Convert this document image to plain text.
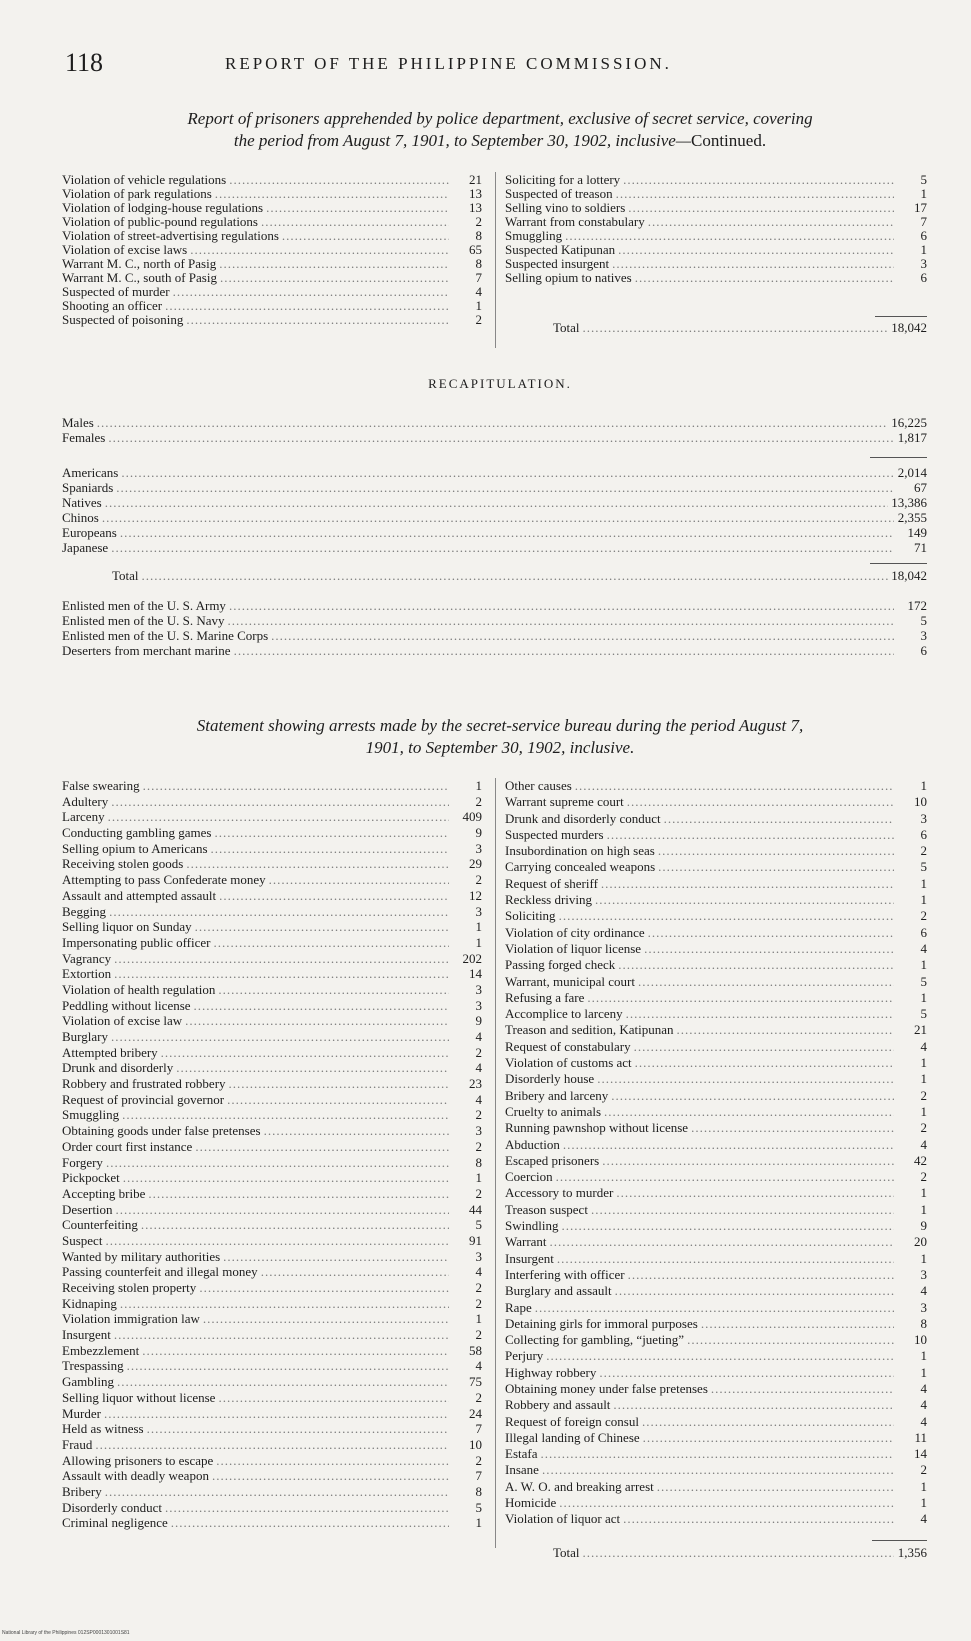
118	REPORT OF THE PHILIPPINE COMMISSION.
Report of prisoners apprehended by police department, exclusive of secret service, covering
the period from August 7, 1901, to September 30, 1902, inclusive—Continued.
Violation of vehicle regulations .....	21
Violation of park regulations .....	13
Violation of lodging-house regulations .....	13
Violation of public-pound regulations .....	2
Violation of street-advertising regulations .....	8
Violation of excise laws .....	65
Warrant M. C., north of Pasig .....	8
Warrant M. C., south of Pasig .....	7
Suspected of murder .....	4
Shooting an officer .....	1
Suspected of poisoning .....	2
Soliciting for a lottery .....	5
Suspected of treason .....	1
Selling vino to soldiers .....	17
Warrant from constabulary .....	7
Smuggling .....	6
Suspected Katipunan .....	1
Suspected insurgent .....	3
Selling opium to natives .....	6
Total .....	18,042
RECAPITULATION.
Males .....	16,225
Females .....	1,817
Americans .....	2,014
Spaniards .....	67
Natives .....	13,386
Chinos .....	2,355
Europeans .....	149
Japanese .....	71
Total .....	18,042
Enlisted men of the U. S. Army .....	172
Enlisted men of the U. S. Navy .....	5
Enlisted men of the U. S. Marine Corps .....	3
Deserters from merchant marine .....	6
Statement showing arrests made by the secret-service bureau during the period August 7,
1901, to September 30, 1902, inclusive.
False swearing .....	1
Adultery .....	2
Larceny .....	409
Conducting gambling games .....	9
Selling opium to Americans .....	3
Receiving stolen goods .....	29
Attempting to pass Confederate money .....	2
Assault and attempted assault .....	12
Begging .....	3
Selling liquor on Sunday .....	1
Impersonating public officer .....	1
Vagrancy .....	202
Extortion .....	14
Violation of health regulation .....	3
Peddling without license .....	3
Violation of excise law .....	9
Burglary .....	4
Attempted bribery .....	2
Drunk and disorderly .....	4
Robbery and frustrated robbery .....	23
Request of provincial governor .....	4
Smuggling .....	2
Obtaining goods under false pretenses .....	3
Order court first instance .....	2
Forgery .....	8
Pickpocket .....	1
Accepting bribe .....	2
Desertion .....	44
Counterfeiting .....	5
Suspect .....	91
Wanted by military authorities .....	3
Passing counterfeit and illegal money .....	4
Receiving stolen property .....	2
Kidnaping .....	2
Violation immigration law .....	1
Insurgent .....	2
Embezzlement .....	58
Trespassing .....	4
Gambling .....	75
Selling liquor without license .....	2
Murder .....	24
Held as witness .....	7
Fraud .....	10
Allowing prisoners to escape .....	2
Assault with deadly weapon .....	7
Bribery .....	8
Disorderly conduct .....	5
Criminal negligence .....	1
Other causes .....	1
Warrant supreme court .....	10
Drunk and disorderly conduct .....	3
Suspected murders .....	6
Insubordination on high seas .....	2
Carrying concealed weapons .....	5
Request of sheriff .....	1
Reckless driving .....	1
Soliciting .....	2
Violation of city ordinance .....	6
Violation of liquor license .....	4
Passing forged check .....	1
Warrant, municipal court .....	5
Refusing a fare .....	1
Accomplice to larceny .....	5
Treason and sedition, Katipunan .....	21
Request of constabulary .....	4
Violation of customs act .....	1
Disorderly house .....	1
Bribery and larceny .....	2
Cruelty to animals .....	1
Running pawnshop without license .....	2
Abduction .....	4
Escaped prisoners .....	42
Coercion .....	2
Accessory to murder .....	1
Treason suspect .....	1
Swindling .....	9
Warrant .....	20
Insurgent .....	1
Interfering with officer .....	3
Burglary and assault .....	4
Rape .....	3
Detaining girls for immoral purposes .....	8
Collecting for gambling, “jueting” .....	10
Perjury .....	1
Highway robbery .....	1
Obtaining money under false pretenses .....	4
Robbery and assault .....	4
Request of foreign consul .....	4
Illegal landing of Chinese .....	11
Estafa .....	14
Insane .....	2
A. W. O. and breaking arrest .....	1
Homicide .....	1
Violation of liquor act .....	4
Total .....	1,356
National Library of the Philippines 012SP0001301001S81
